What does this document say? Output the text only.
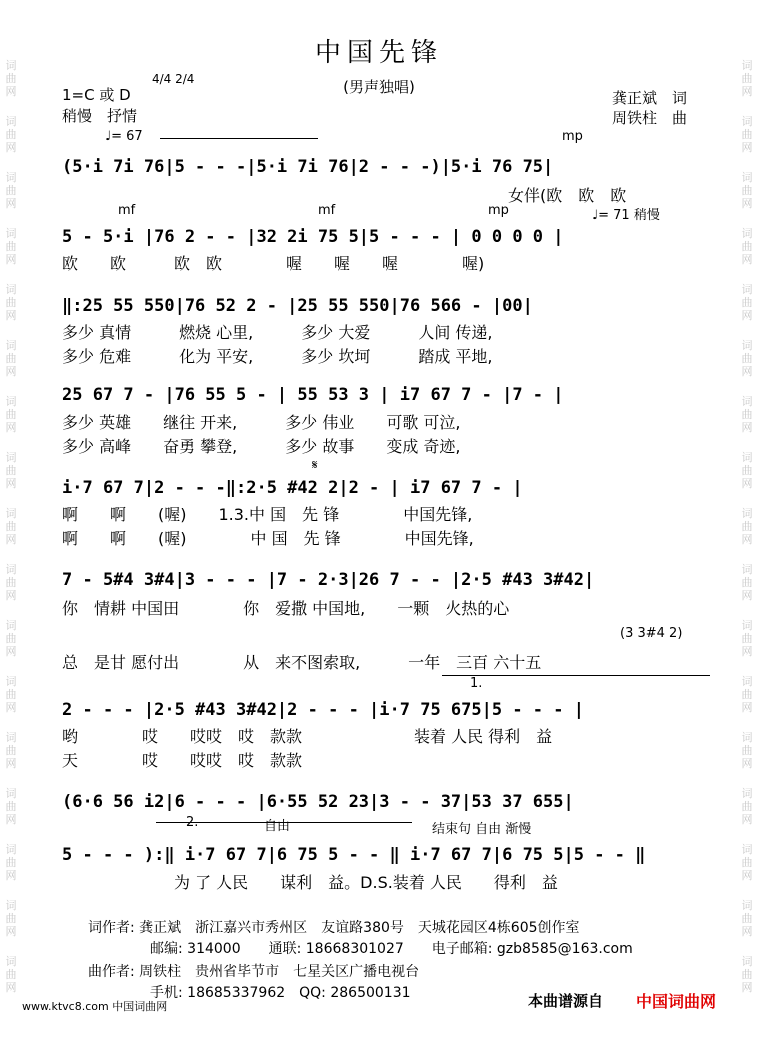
词
曲
网
词
曲
网
词
曲
网
词
曲
网
词
曲
网
词
曲
网
词
曲
网
词
曲
网
词
曲
网
词
曲
网
词
曲
网
词
曲
网
词
曲
网
词
曲
网
词
曲
网
词
曲
网
词
曲
网
词
曲
网
词
曲
网
词
曲
网
词
曲
网
词
曲
网
词
曲
网
词
曲
网
词
曲
网
词
曲
网
词
曲
网
词
曲
网
词
曲
网
词
曲
网
词
曲
网
词
曲
网
词
曲
网
词
曲
网
中国先锋
(男声独唱)
1=C 或 D
4/4 2/4
稍慢　抒情
龚正斌　词
周铁柱　曲
♩= 67	mp
(5·i 7i 76|5 - - -|5·i 7i 76|2 - - -)|5·i 76 75|
女伴(欧　欧　欧
mf	mf	mp	♩= 71 稍慢
5 - 5·i |76 2 - - |32 2i 75 5|5 - - - | 0 0 0 0 |
欧　　欧　　　欧　欧　　　　喔　　喔　　喔　　　　喔)
‖:25 55 550|76 52 2 - |25 55 550|76 566 - |00|
多少 真情　　　燃烧 心里,　　　多少 大爱　　　人间 传递,
多少 危难　　　化为 平安,　　　多少 坎坷　　　踏成 平地,
25 67 7 - |76 55 5 - | 55 53 3 | i7 67 7 - |7 - |
多少 英雄　　继往 开来,　　　多少 伟业　　可歌 可泣,
多少 高峰　　奋勇 攀登,　　　多少 故事　　变成 奇迹,
𝄋
i·7 67 7|2 - - -‖:2·5 #42 2|2 - | i7 67 7 - |
啊　　啊　　(喔)　　1.3.中 国　先 锋　　　　中国先锋,
啊　　啊　　(喔)　　　　中 国　先 锋　　　　中国先锋,
7 - 5#4 3#4|3 - - - |7 - 2·3|26 7 - - |2·5 #43 3#42|
你　情耕 中国田　　　　你　爱撒 中国地,　　一颗　火热的心
(3 3#4 2)
总　是甘 愿付出　　　　从　来不图索取,　　　一年　三百 六十五
1.
2 - - - |2·5 #43 3#42|2 - - - |i·7 75 675|5 - - - |
哟　　　　哎　　哎哎　哎　款款　　　　　　　装着 人民 得利　益
天　　　　哎　　哎哎　哎　款款
(6·6 56 i2|6 - - - |6·55 52 23|3 - - 37|53 37 655|
2.	自由	结束句 自由 渐慢
5 - - - ):‖ i·7 67 7|6 75 5 - - ‖ i·7 67 7|6 75 5|5 - - ‖
　　　　　　　为 了 人民　　谋利　益。D.S.装着 人民　　得利　益
词作者: 龚正斌　浙江嘉兴市秀州区　友谊路380号　天城花园区4栋605创作室
邮编: 314000　　通联: 18668301027　　电子邮箱: gzb8585@163.com
曲作者: 周铁柱　贵州省毕节市　七星关区广播电视台
手机: 18685337962　QQ: 286500131
www.ktvc8.com 中国词曲网	本曲谱源自 中国词曲网
